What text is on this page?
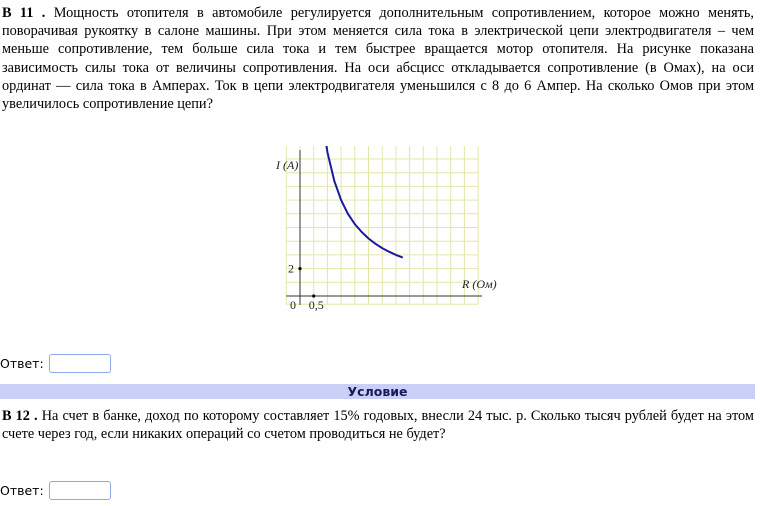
B 11 . Мощность отопителя в автомобиле регулируется дополнительным сопротивлением, которое можно менять, поворачивая рукоятку в салоне машины. При этом меняется сила тока в электрической цепи электродвигателя – чем меньше сопротивление, тем больше сила тока и тем быстрее вращается мотор отопителя. На рисунке показана зависимость силы тока от величины сопротивления. На оси абсцисс откладывается сопротивление (в Омах), на оси ординат — сила тока в Амперах. Ток в цепи электродвигателя уменьшился с 8 до 6 Ампер. На сколько Омов при этом увеличилось сопротивление цепи?
I (A)
R (Ом)
0 0,5
2
Ответ:
Условие
B 12 . На счет в банке, доход по которому составляет 15% годовых, внесли 24 тыс. р. Сколько тысяч рублей будет на этом счете через год, если никаких операций со счетом проводиться не будет?
Ответ:
